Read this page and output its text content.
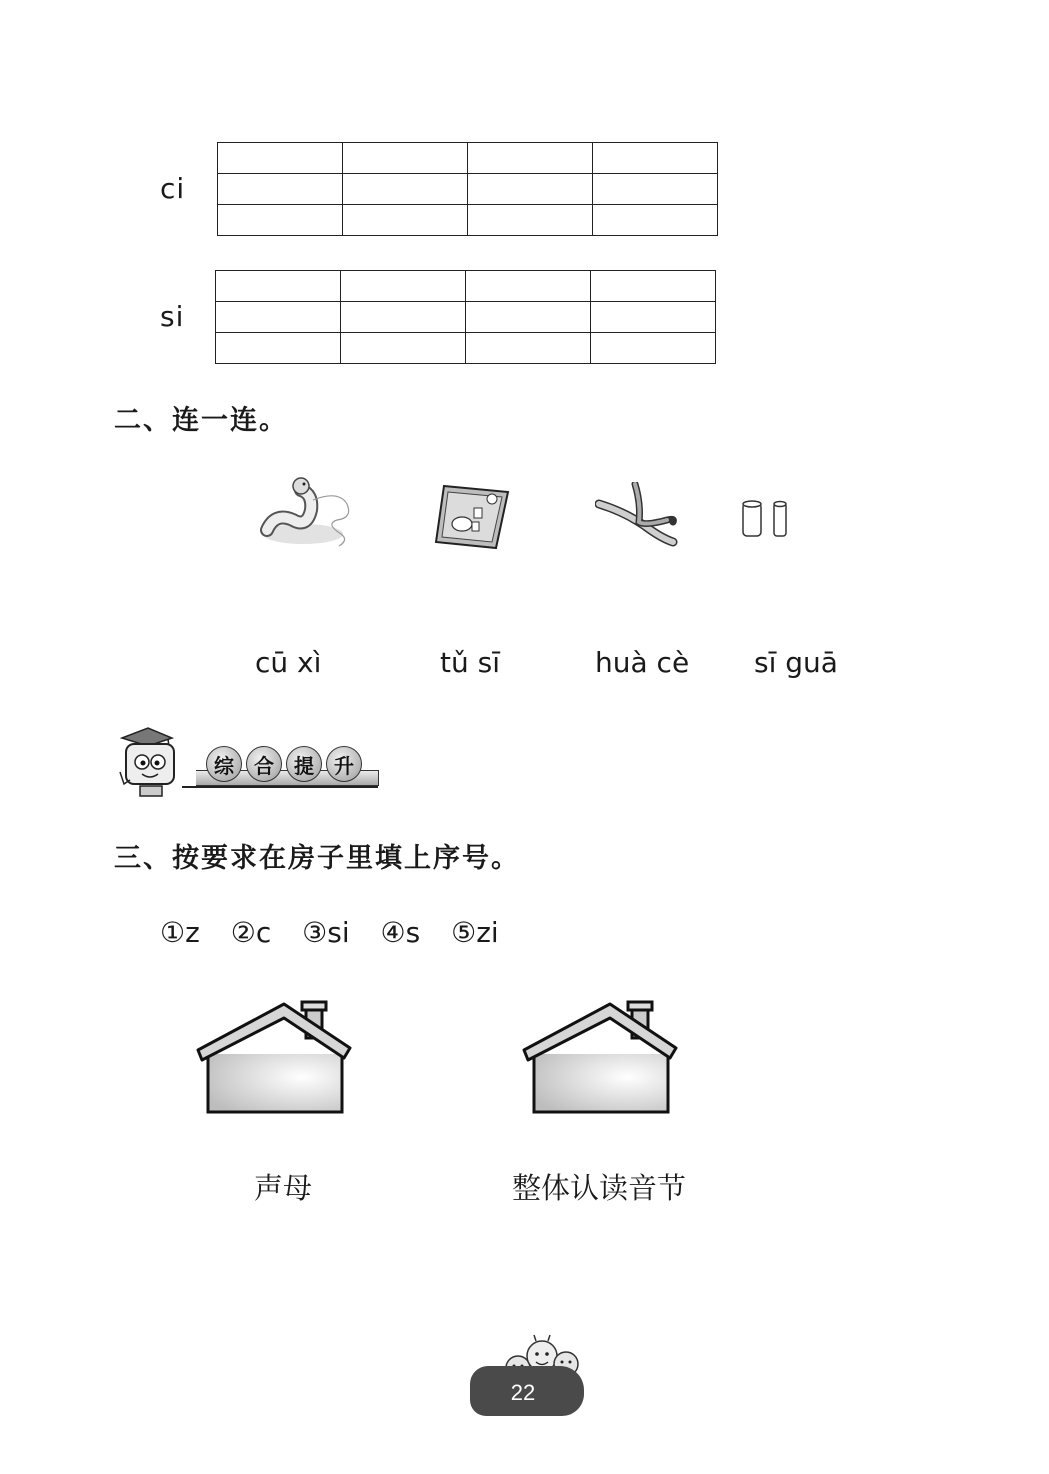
ci

si

二、连一连。
cū xì	tǔ sī	huà cè sī guā
综	合	提	升
三、按要求在房子里填上序号。
①z ②c ③si ④s ⑤zi
声母	整体认读音节
22
